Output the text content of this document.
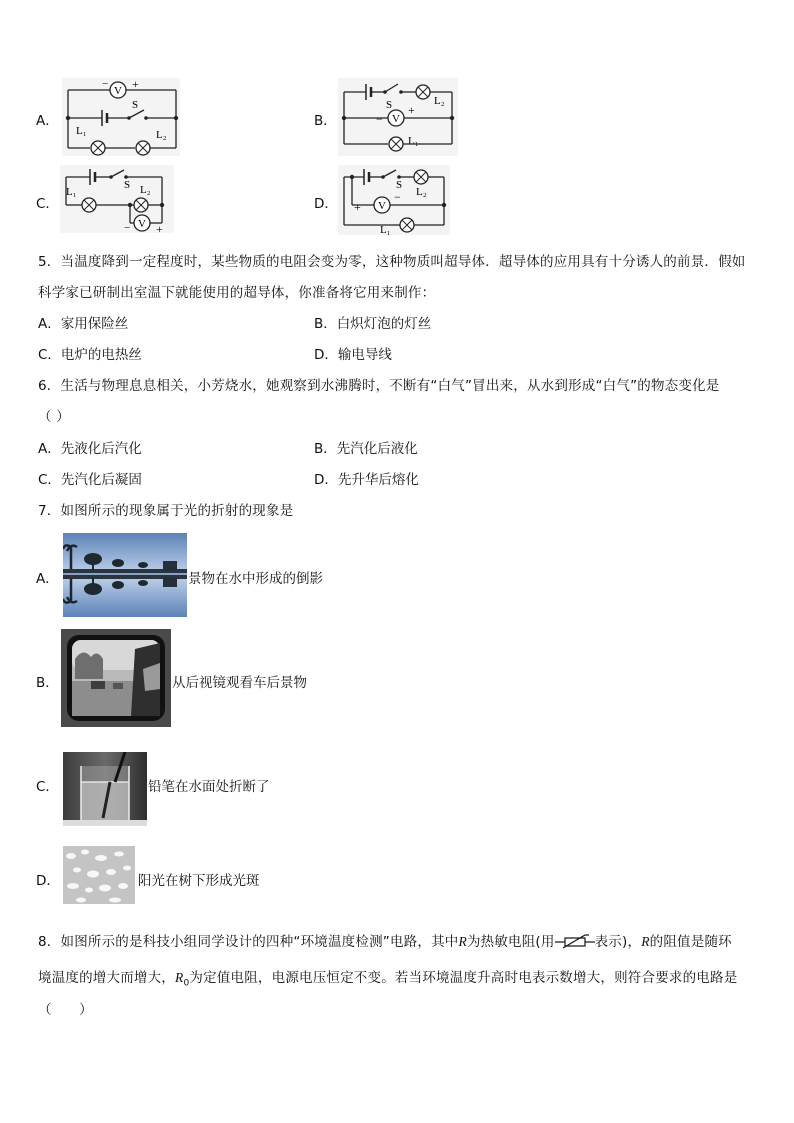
A．
V
− +
S
L₁	L₂
B．
S	L₂
V
−
+
L₁
C．
S
L₁	L₂
V
− +
D．
S
L₂
+ V
−
L₁
5．当温度降到一定程度时，某些物质的电阻会变为零，这种物质叫超导体．超导体的应用具有十分诱人的前景．假如
科学家已研制出室温下就能使用的超导体，你准备将它用来制作：
A．家用保险丝	B．白炽灯泡的灯丝
C．电炉的电热丝	D．输电导线
6．生活与物理息息相关，小芳烧水，她观察到水沸腾时，不断有“白气”冒出来，从水到形成“白气”的物态变化是
（ ）
A．先液化后汽化	B．先汽化后液化
C．先汽化后凝固	D．先升华后熔化
7．如图所示的现象属于光的折射的现象是
A．	景物在水中形成的倒影
B．	从后视镜观看车后景物
C．	铅笔在水面处折断了
D．	阳光在树下形成光斑
8．如图所示的是科技小组同学设计的四种“环境温度检测”电路，其中R为热敏电阻(用	表示)，R的阻值是随环
境温度的增大而增大，$R_0$为定值电阻，电源电压恒定不变。若当环境温度升高时电表示数增大，则符合要求的电路是
（　　）
